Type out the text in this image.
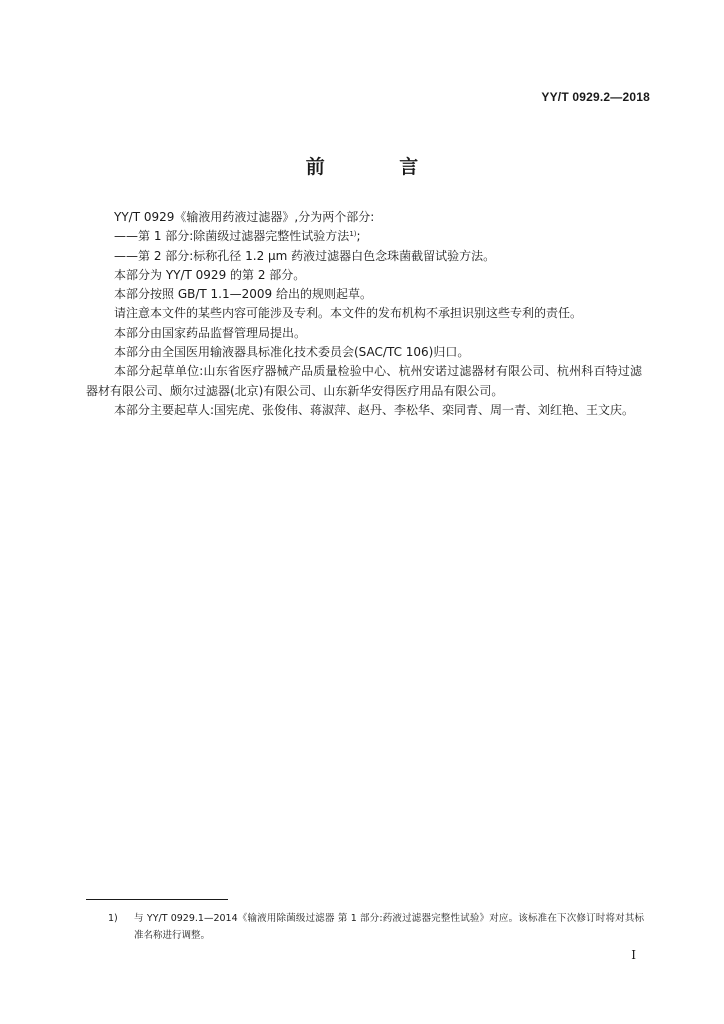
YY/T 0929.2—2018
前 言

YY/T 0929《输液用药液过滤器》,分为两个部分:

——第 1 部分:除菌级过滤器完整性试验方法$^{1)}$;

——第 2 部分:标称孔径 1.2 μm 药液过滤器白色念珠菌截留试验方法。

本部分为 YY/T 0929 的第 2 部分。

本部分按照 GB/T 1.1—2009 给出的规则起草。

请注意本文件的某些内容可能涉及专利。本文件的发布机构不承担识别这些专利的责任。

本部分由国家药品监督管理局提出。

本部分由全国医用输液器具标准化技术委员会(SAC/TC 106)归口。

本部分起草单位:山东省医疗器械产品质量检验中心、杭州安诺过滤器材有限公司、杭州科百特过滤器材有限公司、颇尔过滤器(北京)有限公司、山东新华安得医疗用品有限公司。

本部分主要起草人:国宪虎、张俊伟、蒋淑萍、赵丹、李松华、栾同青、周一青、刘红艳、王文庆。

1)	与 YY/T 0929.1—2014《输液用除菌级过滤器 第 1 部分:药液过滤器完整性试验》对应。该标准在下次修订时将对其标准名称进行调整。
I
